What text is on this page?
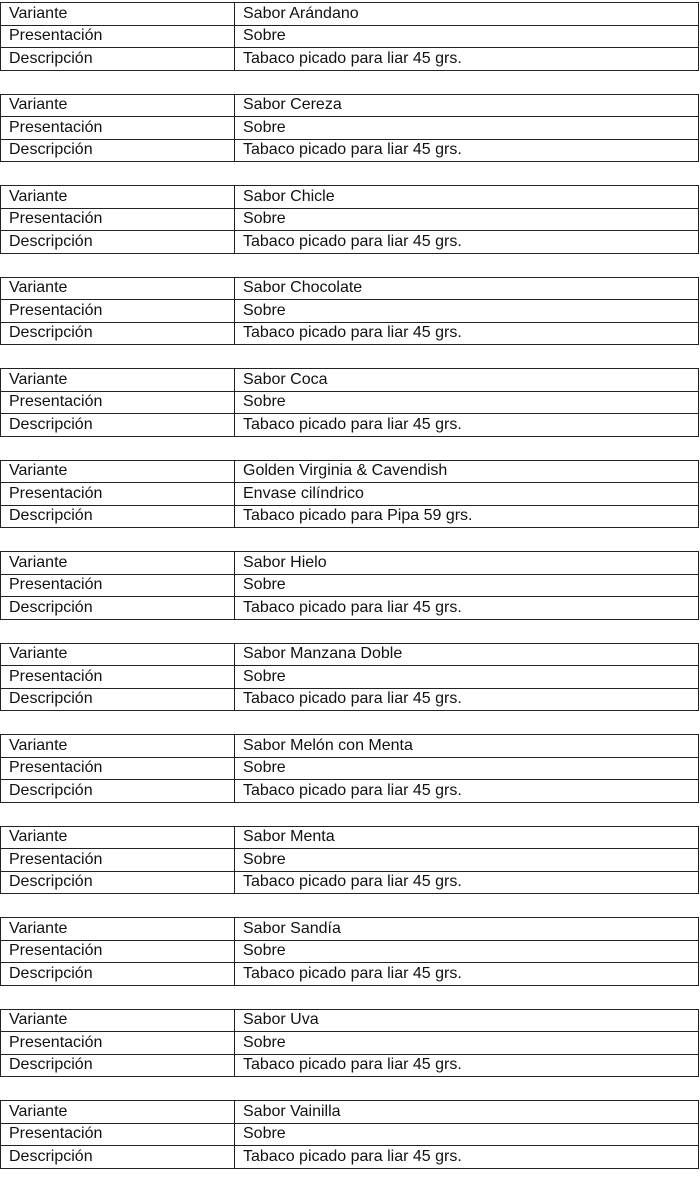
Variante	Sabor Arándano
Presentación	Sobre
Descripción	Tabaco picado para liar 45 grs.
Variante	Sabor Cereza
Presentación	Sobre
Descripción	Tabaco picado para liar 45 grs.
Variante	Sabor Chicle
Presentación	Sobre
Descripción	Tabaco picado para liar 45 grs.
Variante	Sabor Chocolate
Presentación	Sobre
Descripción	Tabaco picado para liar 45 grs.
Variante	Sabor Coca
Presentación	Sobre
Descripción	Tabaco picado para liar 45 grs.
Variante	Golden Virginia & Cavendish
Presentación	Envase cilíndrico
Descripción	Tabaco picado para Pipa 59 grs.
Variante	Sabor Hielo
Presentación	Sobre
Descripción	Tabaco picado para liar 45 grs.
Variante	Sabor Manzana Doble
Presentación	Sobre
Descripción	Tabaco picado para liar 45 grs.
Variante	Sabor Melón con Menta
Presentación	Sobre
Descripción	Tabaco picado para liar 45 grs.
Variante	Sabor Menta
Presentación	Sobre
Descripción	Tabaco picado para liar 45 grs.
Variante	Sabor Sandía
Presentación	Sobre
Descripción	Tabaco picado para liar 45 grs.
Variante	Sabor Uva
Presentación	Sobre
Descripción	Tabaco picado para liar 45 grs.
Variante	Sabor Vainilla
Presentación	Sobre
Descripción	Tabaco picado para liar 45 grs.
